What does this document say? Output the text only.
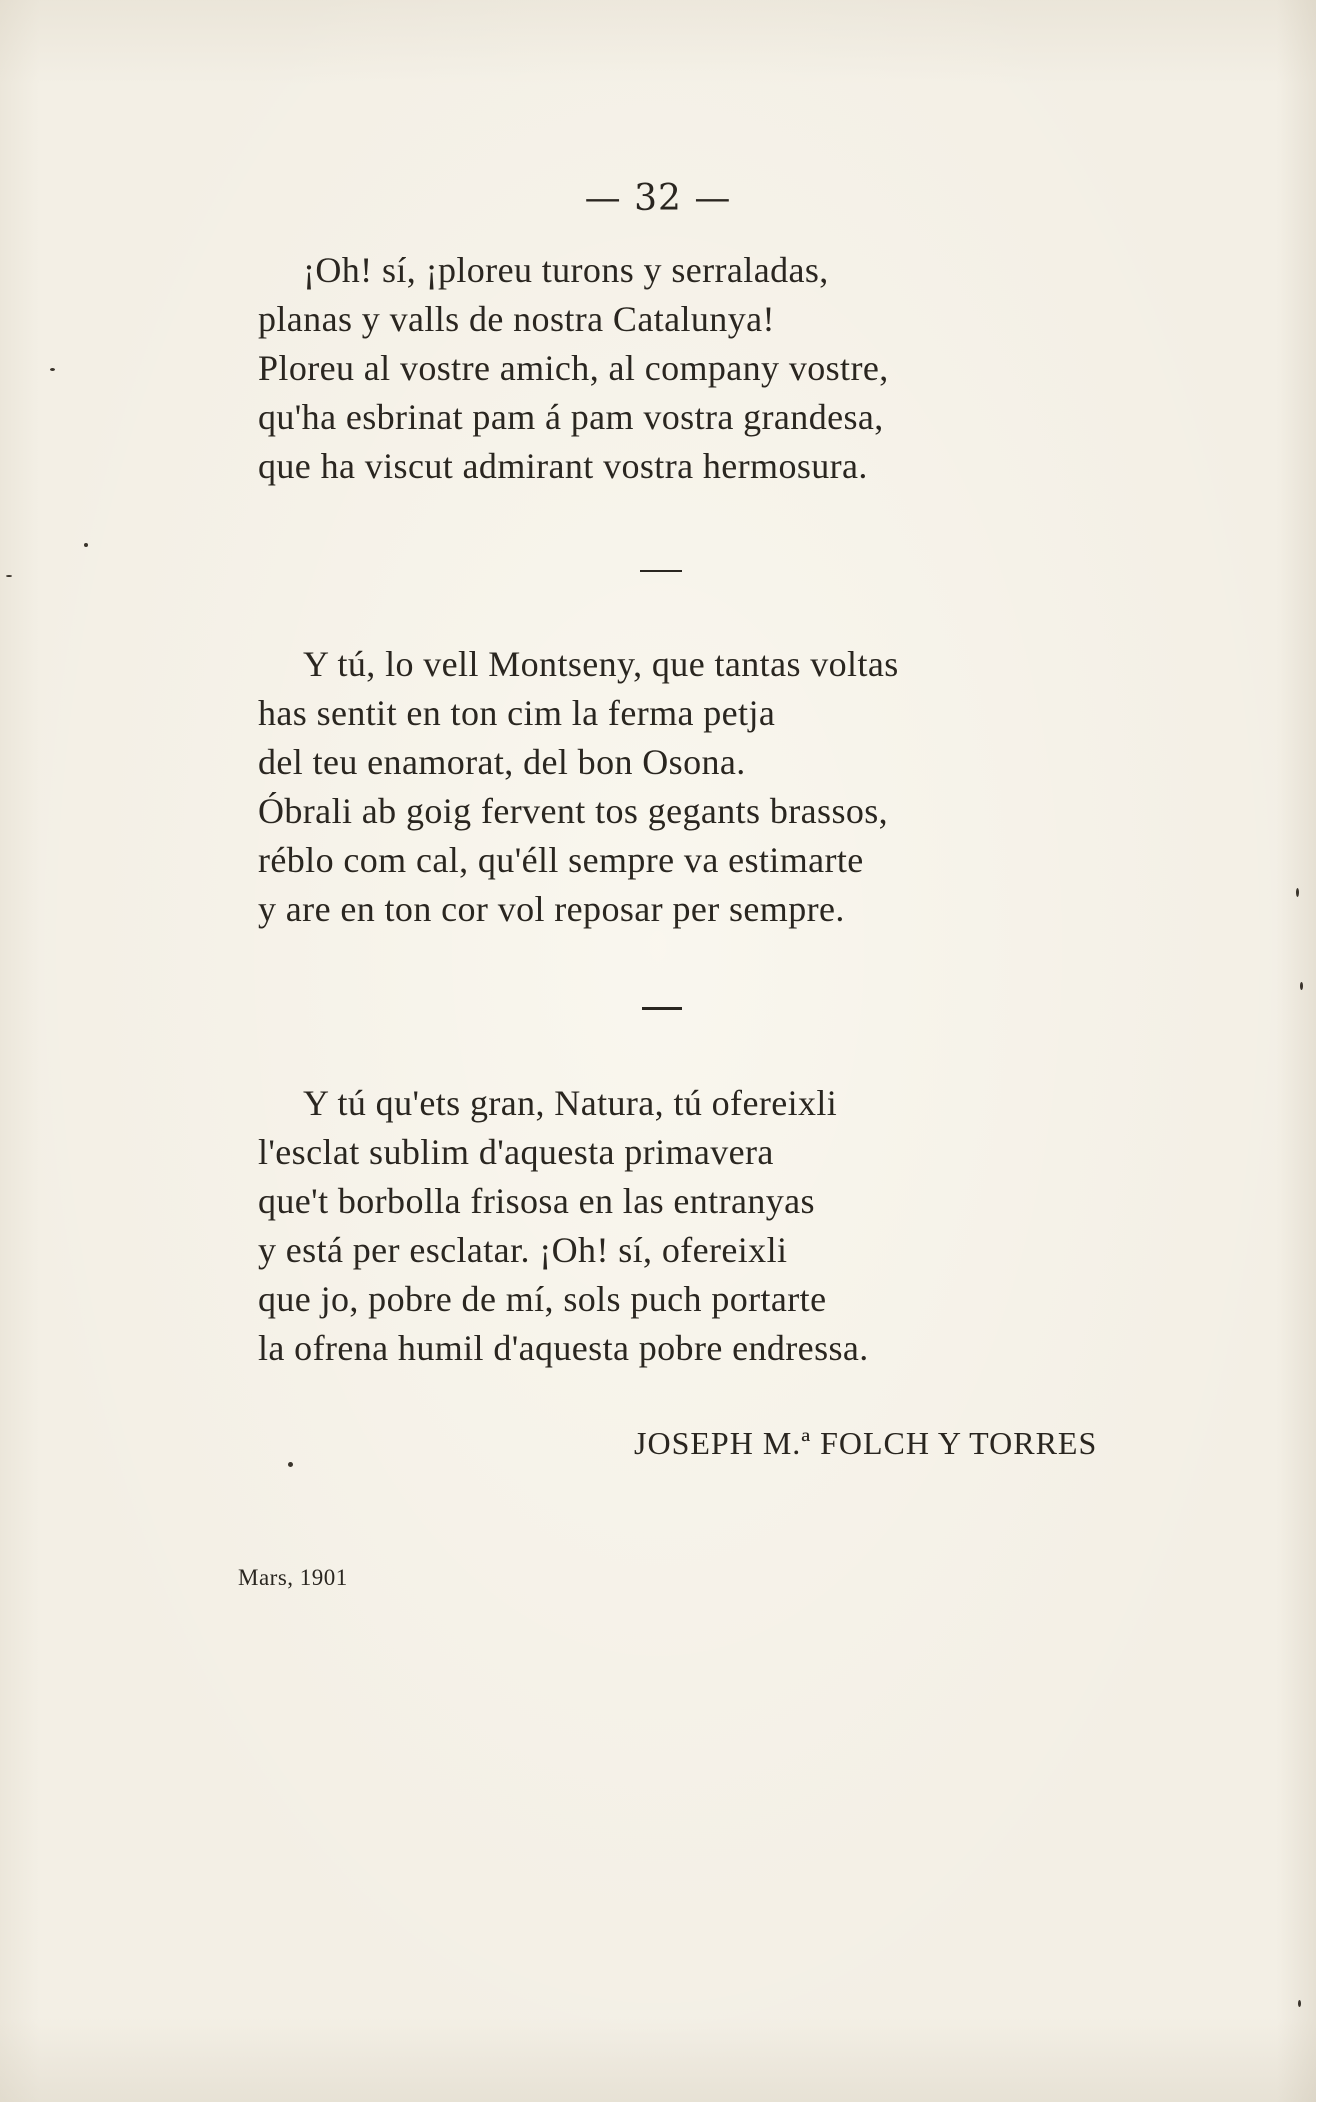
— 32 —
¡Oh! sí, ¡ploreu turons y serraladas,
planas y valls de nostra Catalunya!
Ploreu al vostre amich, al company vostre,
qu'ha esbrinat pam á pam vostra grandesa,
que ha viscut admirant vostra hermosura.
Y tú, lo vell Montseny, que tantas voltas
has sentit en ton cim la ferma petja
del teu enamorat, del bon Osona.
Óbrali ab goig fervent tos gegants brassos,
réblo com cal, qu'éll sempre va estimarte
y are en ton cor vol reposar per sempre.
Y tú qu'ets gran, Natura, tú ofereixli
l'esclat sublim d'aquesta primavera
que't borbolla frisosa en las entranyas
y está per esclatar. ¡Oh! sí, ofereixli
que jo, pobre de mí, sols puch portarte
la ofrena humil d'aquesta pobre endressa.
JOSEPH M.ª FOLCH Y TORRES
Mars, 1901
